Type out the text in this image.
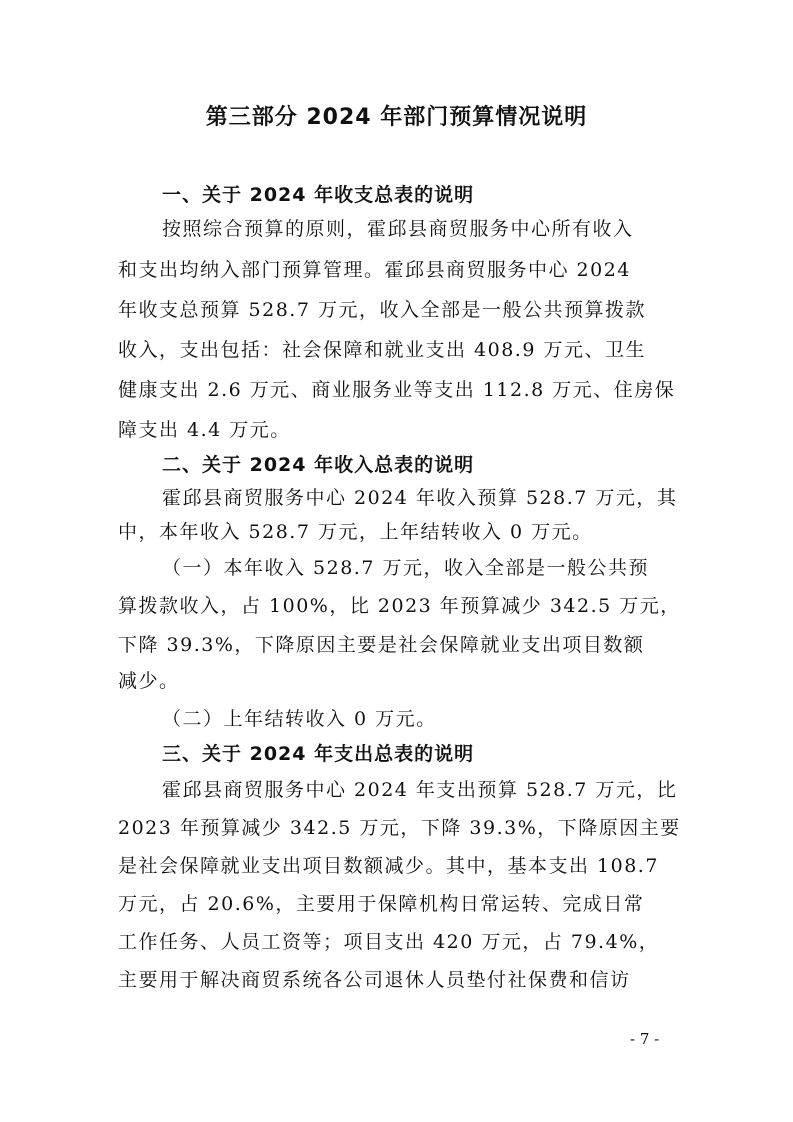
第三部分 2024 年部门预算情况说明
一、关于 2024 年收支总表的说明
按照综合预算的原则，霍邱县商贸服务中心所有收入
和支出均纳入部门预算管理。霍邱县商贸服务中心 2024
年收支总预算 528.7 万元，收入全部是一般公共预算拨款
收入，支出包括：社会保障和就业支出 408.9 万元、卫生
健康支出 2.6 万元、商业服务业等支出 112.8 万元、住房保
障支出 4.4 万元。
二、关于 2024 年收入总表的说明
霍邱县商贸服务中心 2024 年收入预算 528.7 万元，其
中，本年收入 528.7 万元，上年结转收入 0 万元。
（一）本年收入 528.7 万元，收入全部是一般公共预
算拨款收入，占 100%，比 2023 年预算减少 342.5 万元，
下降 39.3%，下降原因主要是社会保障就业支出项目数额
减少。
（二）上年结转收入 0 万元。
三、关于 2024 年支出总表的说明
霍邱县商贸服务中心 2024 年支出预算 528.7 万元，比
2023 年预算减少 342.5 万元，下降 39.3%，下降原因主要
是社会保障就业支出项目数额减少。其中，基本支出 108.7
万元，占 20.6%，主要用于保障机构日常运转、完成日常
工作任务、人员工资等；项目支出 420 万元，占 79.4%，
主要用于解决商贸系统各公司退休人员垫付社保费和信访
- 7 -
